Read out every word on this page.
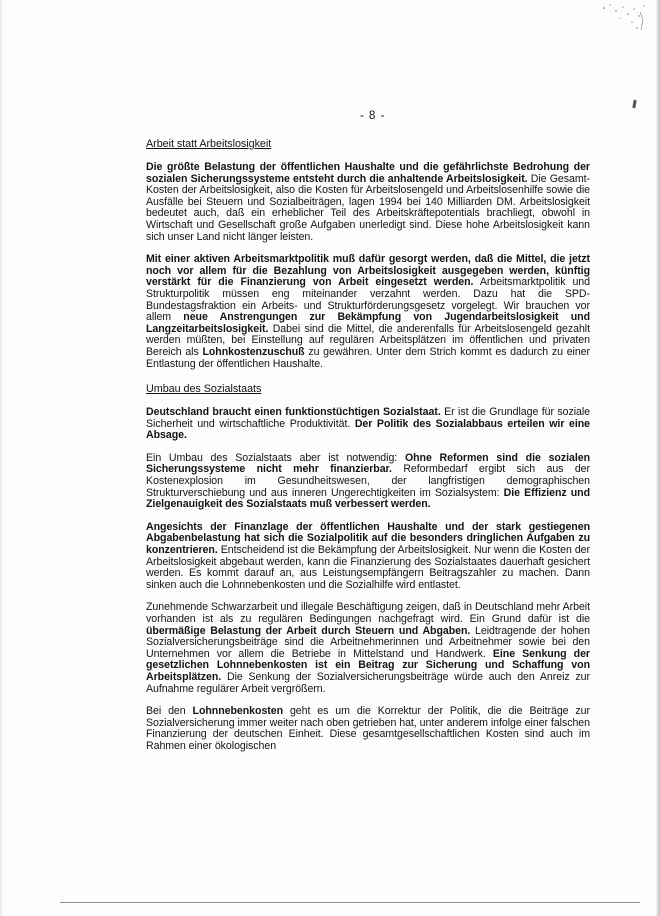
- 8 -
Arbeit statt Arbeitslosigkeit

Die größte Belastung der öffentlichen Haushalte und die gefährlichste Bedrohung der sozialen Sicherungssysteme entsteht durch die anhaltende Arbeitslosigkeit. Die Gesamt-Kosten der Arbeitslosigkeit, also die Kosten für Arbeitslosengeld und Arbeitslosenhilfe sowie die Ausfälle bei Steuern und Sozialbeiträgen, lagen 1994 bei 140 Milliarden DM. Arbeitslosigkeit bedeutet auch, daß ein erheblicher Teil des Arbeitskräftepotentials brachliegt, obwohl in Wirtschaft und Gesellschaft große Aufgaben unerledigt sind. Diese hohe Arbeitslosigkeit kann sich unser Land nicht länger leisten.

Mit einer aktiven Arbeitsmarktpolitik muß dafür gesorgt werden, daß die Mittel, die jetzt noch vor allem für die Bezahlung von Arbeitslosigkeit ausgegeben werden, künftig verstärkt für die Finanzierung von Arbeit eingesetzt werden. Arbeitsmarktpolitik und Strukturpolitik müssen eng miteinander verzahnt werden. Dazu hat die SPD-Bundestagsfraktion ein Arbeits- und Strukturförderungsgesetz vorgelegt. Wir brauchen vor allem neue Anstrengungen zur Bekämpfung von Jugendarbeitslosigkeit und Langzeitarbeitslosigkeit. Dabei sind die Mittel, die anderenfalls für Arbeitslosengeld gezahlt werden müßten, bei Einstellung auf regulären Arbeitsplätzen im öffentlichen und privaten Bereich als Lohnkostenzuschuß zu gewähren. Unter dem Strich kommt es dadurch zu einer Entlastung der öffentlichen Haushalte.

Umbau des Sozialstaats

Deutschland braucht einen funktionstüchtigen Sozialstaat. Er ist die Grundlage für soziale Sicherheit und wirtschaftliche Produktivität. Der Politik des Sozialabbaus erteilen wir eine Absage.

Ein Umbau des Sozialstaats aber ist notwendig: Ohne Reformen sind die sozialen Sicherungssysteme nicht mehr finanzierbar. Reformbedarf ergibt sich aus der Kostenexplosion im Gesundheitswesen, der langfristigen demographischen Strukturverschiebung und aus inneren Ungerechtigkeiten im Sozialsystem: Die Effizienz und Zielgenauigkeit des Sozialstaats muß verbessert werden.

Angesichts der Finanzlage der öffentlichen Haushalte und der stark gestiegenen Abgabenbelastung hat sich die Sozialpolitik auf die besonders dringlichen Aufgaben zu konzentrieren. Entscheidend ist die Bekämpfung der Arbeitslosigkeit. Nur wenn die Kosten der Arbeitslosigkeit abgebaut werden, kann die Finanzierung des Sozialstaates dauerhaft gesichert werden. Es kommt darauf an, aus Leistungsempfängern Beitragszahler zu machen. Dann sinken auch die Lohnnebenkosten und die Sozialhilfe wird entlastet.

Zunehmende Schwarzarbeit und illegale Beschäftigung zeigen, daß in Deutschland mehr Arbeit vorhanden ist als zu regulären Bedingungen nachgefragt wird. Ein Grund dafür ist die übermäßige Belastung der Arbeit durch Steuern und Abgaben. Leidtragende der hohen Sozialversicherungsbeiträge sind die Arbeitnehmerinnen und Arbeitnehmer sowie bei den Unternehmen vor allem die Betriebe in Mittelstand und Handwerk. Eine Senkung der gesetzlichen Lohnnebenkosten ist ein Beitrag zur Sicherung und Schaffung von Arbeitsplätzen. Die Senkung der Sozialversicherungsbeiträge würde auch den Anreiz zur Aufnahme regulärer Arbeit vergrößern.

Bei den Lohnnebenkosten geht es um die Korrektur der Politik, die die Beiträge zur Sozialversicherung immer weiter nach oben getrieben hat, unter anderem infolge einer falschen Finanzierung der deutschen Einheit. Diese gesamtgesellschaftlichen Kosten sind auch im Rahmen einer ökologischen
